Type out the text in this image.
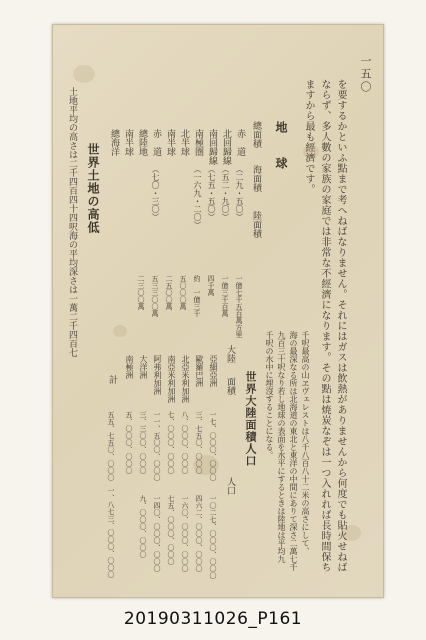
一五〇
を要するかといふ點まで考へねばなりません。それにはガスは飲熱がありませんから何度でも貼火せねば
ならず、多人數の家族の家庭では非常な不經濟になります。その點は焼炭なぞは一つ入れれば長時間保ち
ますから最も經濟です。
地　球
總面積
海面積
陸面積
赤　道
（二九・五〇）
一億七千五百萬方里
北回歸線
（五二・九〇）
一億三千百萬
南回歸線
（七五・五〇）
四千萬
南極圏
（一六九・二〇）
約　一億三千
北半球
五〇〇〇萬
南半球
二五〇〇萬
赤　道
（七〇・三〇）
五三三〇〇萬
二三〇〇萬
總陸地
南半球
總海洋
世界土地の高低
土地平均の高さは二千四百四十四呎海の平均深さは一萬二千四百七
千呎最高の山ヱヴェレストは八千八百八十二米の高さにして、
海の最深なる所は北海道の東北と東洋の中間にありて深さ二萬七千
九百三十呎なり若し地球の表面を水平にするときは陸地は平均九
千呎の水中に埋沒することになる。
世界大陸面積人口
大陸
面積
人口
亞細亞洲
一七、〇〇〇、〇〇〇
一〇二七、〇〇〇、〇〇〇
歐羅巴洲
三、七五〇、〇〇〇
四六二、〇〇〇、〇〇〇
北亞米利加洲
八、〇〇〇、〇〇〇
一六〇、〇〇〇、〇〇〇
南亞米利加洲
七、〇〇〇、〇〇〇
七五、〇〇〇、〇〇〇
阿弗利加洲
一一、五〇〇、〇〇〇
一四〇、〇〇〇、〇〇〇
大洋洲
三、三〇〇、〇〇〇
九、〇〇〇、〇〇〇
南極洲
五、〇〇〇、〇〇〇
計
五五、七五〇、〇〇〇
一、八七三、〇〇〇、〇〇〇
20190311026_P161
